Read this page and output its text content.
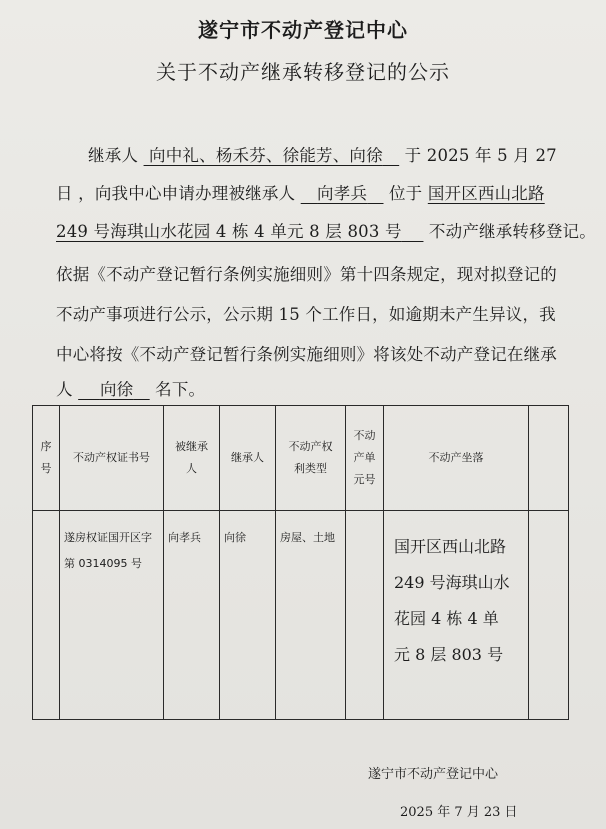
遂宁市不动产登记中心
关于不动产继承转移登记的公示
继承人 向中礼、杨禾芬、徐能芳、向徐 于 2025 年 5 月 27
日 ，向我中心申请办理被继承人 向孝兵 位于 国开区西山北路
249 号海琪山水花园 4 栋 4 单元 8 层 803 号 不动产继承转移登记。
依据《不动产登记暂行条例实施细则》第十四条规定，现对拟登记的
不动产事项进行公示，公示期 15 个工作日，如逾期未产生异议，我
中心将按《不动产登记暂行条例实施细则》将该处不动产登记在继承
人 向徐 名下。
序号	不动产权证书号	被继承人	继承人	不动产权利类型	不动产单元号	不动产坐落	

	遂房权证国开区字第 0314095 号	向孝兵	向徐	房屋、土地		国开区西山北路 249 号海琪山水花园 4 栋 4 单元 8 层 803 号	

遂宁市不动产登记中心
2025 年 7 月 23 日
